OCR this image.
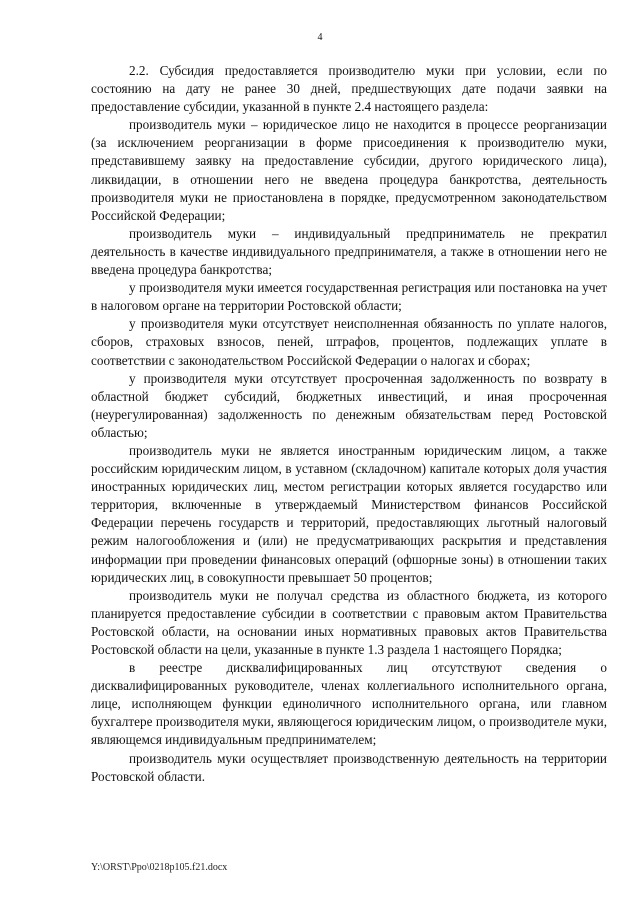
4

2.2. Субсидия предоставляется производителю муки при условии, если по состоянию на дату не ранее 30 дней, предшествующих дате подачи заявки на предоставление субсидии, указанной в пункте 2.4 настоящего раздела:

производитель муки – юридическое лицо не находится в процессе реорганизации (за исключением реорганизации в форме присоединения к производителю муки, представившему заявку на предоставление субсидии, другого юридического лица), ликвидации, в отношении него не введена процедура банкротства, деятельность производителя муки не приостановлена в порядке, предусмотренном законодательством Российской Федерации;

производитель муки – индивидуальный предприниматель не прекратил деятельность в качестве индивидуального предпринимателя, а также в отношении него не введена процедура банкротства;

у производителя муки имеется государственная регистрация или постановка на учет в налоговом органе на территории Ростовской области;

у производителя муки отсутствует неисполненная обязанность по уплате налогов, сборов, страховых взносов, пеней, штрафов, процентов, подлежащих уплате в соответствии с законодательством Российской Федерации о налогах и сборах;

у производителя муки отсутствует просроченная задолженность по возврату в областной бюджет субсидий, бюджетных инвестиций, и иная просроченная (неурегулированная) задолженность по денежным обязательствам перед Ростовской областью;

производитель муки не является иностранным юридическим лицом, а также российским юридическим лицом, в уставном (складочном) капитале которых доля участия иностранных юридических лиц, местом регистрации которых является государство или территория, включенные в утверждаемый Министерством финансов Российской Федерации перечень государств и территорий, предоставляющих льготный налоговый режим налогообложения и (или) не предусматривающих раскрытия и представления информации при проведении финансовых операций (офшорные зоны) в отношении таких юридических лиц, в совокупности превышает 50 процентов;

производитель муки не получал средства из областного бюджета, из которого планируется предоставление субсидии в соответствии с правовым актом Правительства Ростовской области, на основании иных нормативных правовых актов Правительства Ростовской области на цели, указанные в пункте 1.3 раздела 1 настоящего Порядка;

в реестре дисквалифицированных лиц отсутствуют сведения о дисквалифицированных руководителе, членах коллегиального исполнительного органа, лице, исполняющем функции единоличного исполнительного органа, или главном бухгалтере производителя муки, являющегося юридическим лицом, о производителе муки, являющемся индивидуальным предпринимателем;

производитель муки осуществляет производственную деятельность на территории Ростовской области.

Y:\ORST\Ppo\0218p105.f21.docx
